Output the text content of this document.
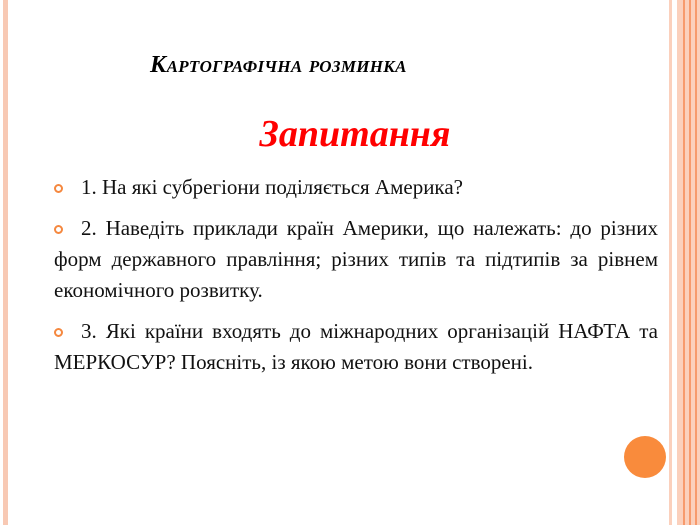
Картографічна розминка
Запитання
1. На які субрегіони поділяється Америка?
2. Наведіть приклади країн Америки, що належать: до різних форм державного правління; різних типів та підтипів за рівнем економічного розвитку.
3. Які країни входять до міжнародних організацій НАФТА та МЕРКОСУР? Поясніть, із якою метою вони створені.
